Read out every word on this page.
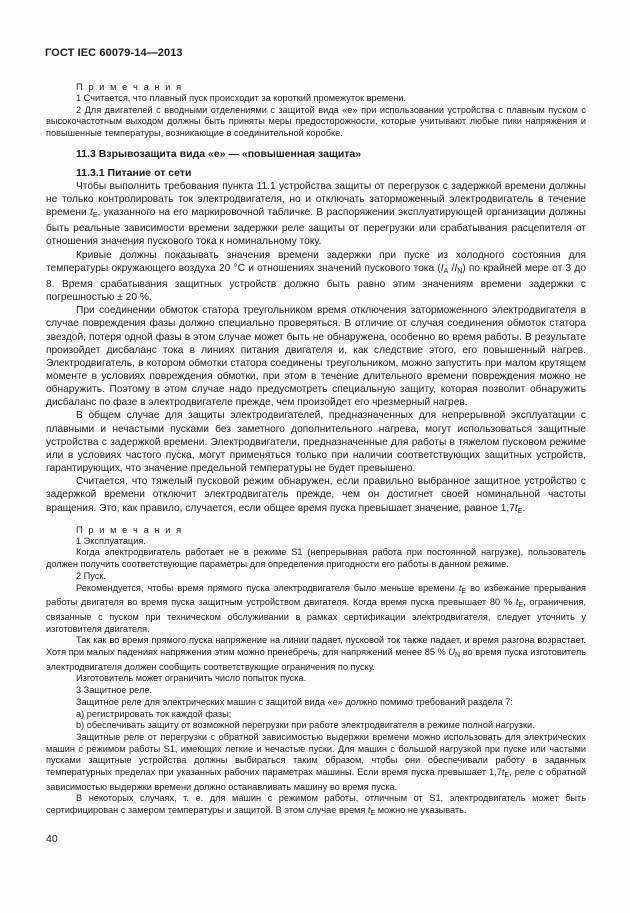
ГОСТ IEC 60079-14—2013
П р и м е ч а н и я
1 Считается, что плавный пуск происходит за короткий промежуток времени.
2 Для двигателей с вводными отделениями с защитой вида «е» при использовании устройства с плавным пуском с высокочастотным выходом должны быть приняты меры предосторожности, которые учитывают любые пики напряжения и повышенные температуры, возникающие в соединительной коробке.
11.3 Взрывозащита вида «е» — «повышенная защита»
11.3.1 Питание от сети
Чтобы выполнить требования пункта 11.1 устройства защиты от перегрузок с задержкой времени должны не только контролировать ток электродвигателя, но и отключать заторможенный электродвигатель в течение времени $t_E$, указанного на его маркировочной табличке. В распоряжении эксплуатирующей организации должны быть реальные зависимости времени задержки реле защиты от перегрузки или срабатывания расцепителя от отношения значения пускового тока к номинальному току.
Кривые должны показывать значения времени задержки при пуске из холодного состояния для температуры окружающего воздуха 20 °С и отношениях значений пускового тока ($I_A$ $/I_N$) по крайней мере от 3 до 8. Время срабатывания защитных устройств должно быть равно этим значениям времени задержки с погрешностью ± 20 %.
При соединении обмоток статора треугольником время отключения заторможенного электродвигателя в случае повреждения фазы должно специально проверяться. В отличие от случая соединения обмоток статора звездой, потеря одной фазы в этом случае может быть не обнаружена, особенно во время работы. В результате произойдет дисбаланс тока в линиях питания двигателя и, как следствие этого, его повышенный нагрев. Электродвигатель, в котором обмотки статора соединены треугольником, можно запустить при малом крутящем моменте в условиях повреждения обмотки, при этом в течение длительного времени повреждения можно не обнаружить. Поэтому в этом случае надо предусмотреть специальную защиту, которая позволит обнаружить дисбаланс по фазе в электродвигателе прежде, чем произойдет его чрезмерный нагрев.
В общем случае для защиты электродвигателей, предназначенных для непрерывной эксплуатации с плавными и нечастыми пусками без заметного дополнительного нагрева, могут использоваться защитные устройства с задержкой времени. Электродвигатели, предназначенные для работы в тяжелом пусковом режиме или в условиях частого пуска, могут применяться только при наличии соответствующих защитных устройств, гарантирующих, что значение предельной температуры не будет превышено.
Считается, что тяжелый пусковой режим обнаружен, если правильно выбранное защитное устройство с задержкой времени отключит электродвигатель прежде, чем он достигнет своей номинальной частоты вращения. Это, как правило, случается, если общее время пуска превышает значение, равное $1,7t_E$.
П р и м е ч а н и я
1 Эксплуатация.
Когда электродвигатель работает не в режиме S1 (непрерывная работа при постоянной нагрузке), пользователь должен получить соответствующие параметры для определения пригодности его работы в данном режиме.
2 Пуск.
Рекомендуется, чтобы время прямого пуска электродвигателя было меньше времени $t_E$ во избежание прерывания работы двигателя во время пуска защитным устройством двигателя. Когда время пуска превышает 80 % $t_E$, ограничения, связанные с пуском при техническом обслуживании в рамках сертификации электродвигателя, следует уточнить у изготовителя двигателя.
Так как во время прямого пуска напряжение на линии падает, пусковой ток также падает, и время разгона возрастает. Хотя при малых падениях напряжения этим можно пренебречь, для напряжений менее 85 % $U_N$ во время пуска изготовитель электродвигателя должен сообщить соответствующие ограничения по пуску.
Изготовитель может ограничить число попыток пуска.
3 Защитное реле.
Защитное реле для электрических машин с защитой вида «е» должно помимо требований раздела 7:
а) регистрировать ток каждой фазы;
b) обеспечивать защиту от возможной перегрузки при работе электродвигателя в режиме полной нагрузки.
Защитные реле от перегрузки с обратной зависимостью выдержки времени можно использовать для электрических машин с режимом работы S1, имеющих легкие и нечастые пуски. Для машин с большой нагрузкой при пуске или частыми пусками защитные устройства должны выбираться таким образом, чтобы они обеспечивали работу в заданных температурных пределах при указанных рабочих параметрах машины. Если время пуска превышает $1,7t_E$, реле с обратной зависимостью выдержки времени должно останавливать машину во время пуска.
В некоторых случаях, т. е. для машин с режимом работы, отличным от S1, электродвигатель может быть сертифицирован с замером температуры и защитой. В этом случае время $t_E$ можно не указывать.
40
